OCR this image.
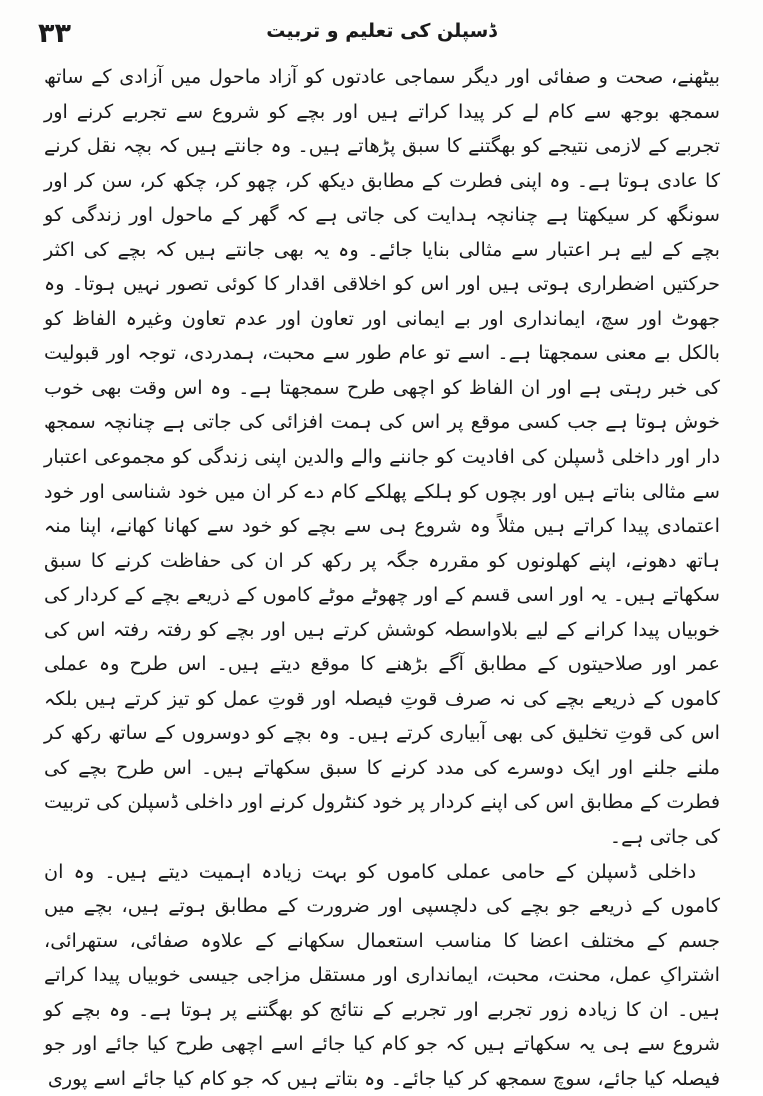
۳۳	ڈسپلن کی تعلیم و تربیت

بیٹھنے، صحت و صفائی اور دیگر سماجی عادتوں کو آزاد ماحول میں آزادی کے ساتھ سمجھ بوجھ سے کام لے کر پیدا کراتے ہیں اور بچے کو شروع سے تجربے کرنے اور تجربے کے لازمی نتیجے کو بھگتنے کا سبق پڑھاتے ہیں۔ وہ جانتے ہیں کہ بچہ نقل کرنے کا عادی ہوتا ہے۔ وہ اپنی فطرت کے مطابق دیکھ کر، چھو کر، چکھ کر، سن کر اور سونگھ کر سیکھتا ہے چنانچہ ہدایت کی جاتی ہے کہ گھر کے ماحول اور زندگی کو بچے کے لیے ہر اعتبار سے مثالی بنایا جائے۔ وہ یہ بھی جانتے ہیں کہ بچے کی اکثر حرکتیں اضطراری ہوتی ہیں اور اس کو اخلاقی اقدار کا کوئی تصور نہیں ہوتا۔ وہ جھوٹ اور سچ، ایمانداری اور بے ایمانی اور تعاون اور عدم تعاون وغیرہ الفاظ کو بالکل بے معنی سمجھتا ہے۔ اسے تو عام طور سے محبت، ہمدردی، توجہ اور قبولیت کی خبر رہتی ہے اور ان الفاظ کو اچھی طرح سمجھتا ہے۔ وہ اس وقت بھی خوب خوش ہوتا ہے جب کسی موقع پر اس کی ہمت افزائی کی جاتی ہے چنانچہ سمجھ دار اور داخلی ڈسپلن کی افادیت کو جاننے والے والدین اپنی زندگی کو مجموعی اعتبار سے مثالی بناتے ہیں اور بچوں کو ہلکے پھلکے کام دے کر ان میں خود شناسی اور خود اعتمادی پیدا کراتے ہیں مثلاً وہ شروع ہی سے بچے کو خود سے کھانا کھانے، اپنا منہ ہاتھ دھونے، اپنے کھلونوں کو مقررہ جگہ پر رکھ کر ان کی حفاظت کرنے کا سبق سکھاتے ہیں۔ یہ اور اسی قسم کے اور چھوٹے موٹے کاموں کے ذریعے بچے کے کردار کی خوبیاں پیدا کرانے کے لیے بلاواسطہ کوشش کرتے ہیں اور بچے کو رفتہ رفتہ اس کی عمر اور صلاحیتوں کے مطابق آگے بڑھنے کا موقع دیتے ہیں۔ اس طرح وہ عملی کاموں کے ذریعے بچے کی نہ صرف قوتِ فیصلہ اور قوتِ عمل کو تیز کرتے ہیں بلکہ اس کی قوتِ تخلیق کی بھی آبیاری کرتے ہیں۔ وہ بچے کو دوسروں کے ساتھ رکھ کر ملنے جلنے اور ایک دوسرے کی مدد کرنے کا سبق سکھاتے ہیں۔ اس طرح بچے کی فطرت کے مطابق اس کی اپنے کردار پر خود کنٹرول کرنے اور داخلی ڈسپلن کی تربیت کی جاتی ہے۔

داخلی ڈسپلن کے حامی عملی کاموں کو بہت زیادہ اہمیت دیتے ہیں۔ وہ ان کاموں کے ذریعے جو بچے کی دلچسپی اور ضرورت کے مطابق ہوتے ہیں، بچے میں جسم کے مختلف اعضا کا مناسب استعمال سکھانے کے علاوہ صفائی، ستھرائی، اشتراکِ عمل، محنت، محبت، ایمانداری اور مستقل مزاجی جیسی خوبیاں پیدا کراتے ہیں۔ ان کا زیادہ زور تجربے اور تجربے کے نتائج کو بھگتنے پر ہوتا ہے۔ وہ بچے کو شروع سے ہی یہ سکھاتے ہیں کہ جو کام کیا جائے اسے اچھی طرح کیا جائے اور جو فیصلہ کیا جائے، سوچ سمجھ کر کیا جائے۔ وہ بتاتے ہیں کہ جو کام کیا جائے اسے پوری
